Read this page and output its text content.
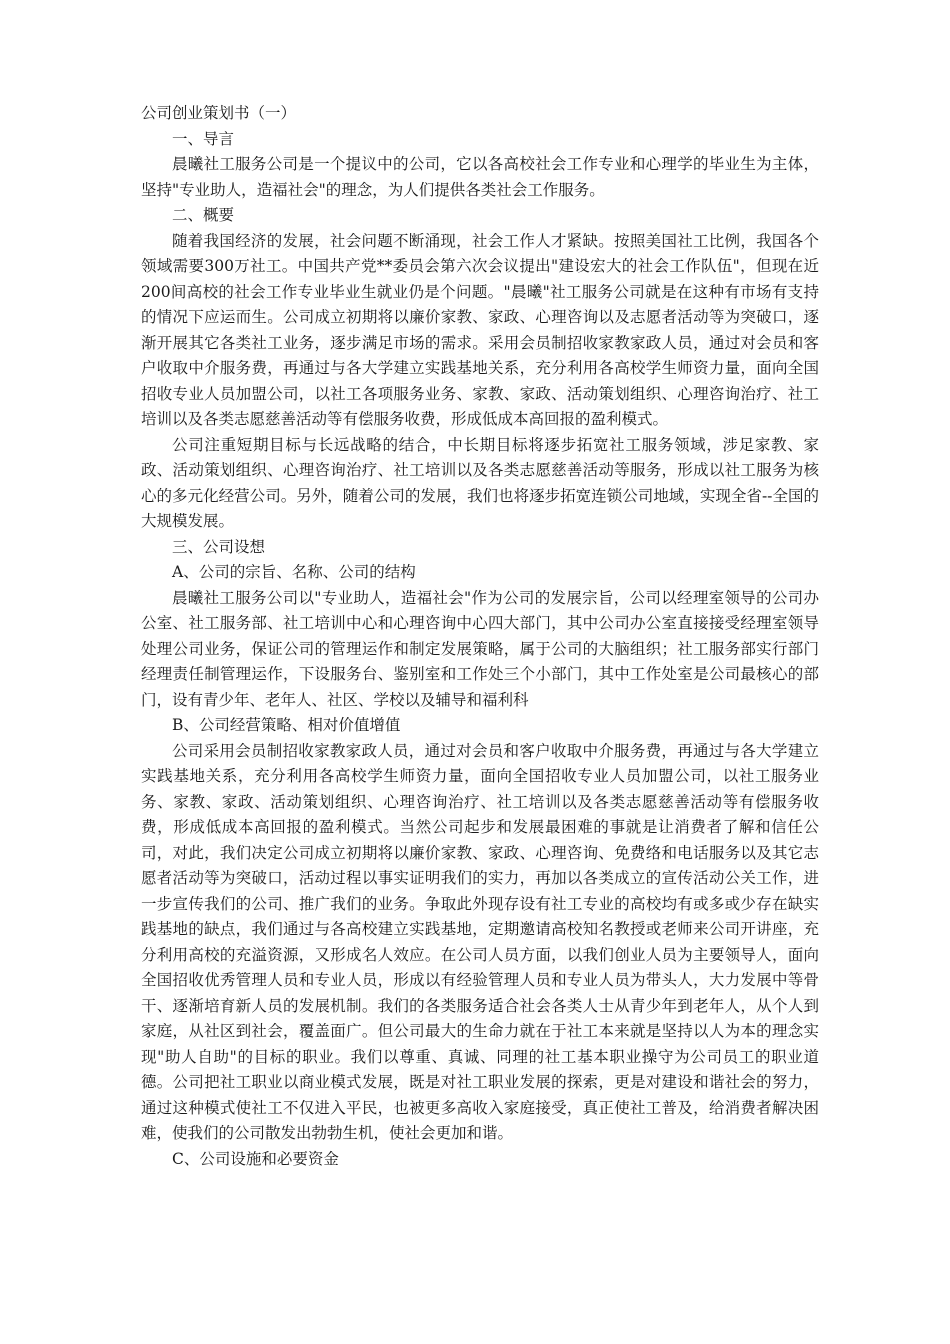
公司创业策划书（一）

一、导言

晨曦社工服务公司是一个提议中的公司，它以各高校社会工作专业和心理学的毕业生为主体，坚持"专业助人，造福社会"的理念，为人们提供各类社会工作服务。

二、概要

随着我国经济的发展，社会问题不断涌现，社会工作人才紧缺。按照美国社工比例，我国各个领域需要300万社工。中国共产党**委员会第六次会议提出"建设宏大的社会工作队伍"，但现在近200间高校的社会工作专业毕业生就业仍是个问题。"晨曦"社工服务公司就是在这种有市场有支持的情况下应运而生。公司成立初期将以廉价家教、家政、心理咨询以及志愿者活动等为突破口，逐渐开展其它各类社工业务，逐步满足市场的需求。采用会员制招收家教家政人员，通过对会员和客户收取中介服务费，再通过与各大学建立实践基地关系，充分利用各高校学生师资力量，面向全国招收专业人员加盟公司，以社工各项服务业务、家教、家政、活动策划组织、心理咨询治疗、社工培训以及各类志愿慈善活动等有偿服务收费，形成低成本高回报的盈利模式。

公司注重短期目标与长远战略的结合，中长期目标将逐步拓宽社工服务领域，涉足家教、家政、活动策划组织、心理咨询治疗、社工培训以及各类志愿慈善活动等服务，形成以社工服务为核心的多元化经营公司。另外，随着公司的发展，我们也将逐步拓宽连锁公司地域，实现全省--全国的大规模发展。

三、公司设想

A、公司的宗旨、名称、公司的结构

晨曦社工服务公司以"专业助人，造福社会"作为公司的发展宗旨，公司以经理室领导的公司办公室、社工服务部、社工培训中心和心理咨询中心四大部门，其中公司办公室直接接受经理室领导处理公司业务，保证公司的管理运作和制定发展策略，属于公司的大脑组织；社工服务部实行部门经理责任制管理运作，下设服务台、鉴别室和工作处三个小部门，其中工作处室是公司最核心的部门，设有青少年、老年人、社区、学校以及辅导和福利科

B、公司经营策略、相对价值增值

公司采用会员制招收家教家政人员，通过对会员和客户收取中介服务费，再通过与各大学建立实践基地关系，充分利用各高校学生师资力量，面向全国招收专业人员加盟公司，以社工服务业务、家教、家政、活动策划组织、心理咨询治疗、社工培训以及各类志愿慈善活动等有偿服务收费，形成低成本高回报的盈利模式。当然公司起步和发展最困难的事就是让消费者了解和信任公司，对此，我们决定公司成立初期将以廉价家教、家政、心理咨询、免费络和电话服务以及其它志愿者活动等为突破口，活动过程以事实证明我们的实力，再加以各类成立的宣传活动公关工作，进一步宣传我们的公司、推广我们的业务。争取此外现存设有社工专业的高校均有或多或少存在缺实践基地的缺点，我们通过与各高校建立实践基地，定期邀请高校知名教授或老师来公司开讲座，充分利用高校的充溢资源，又形成名人效应。在公司人员方面，以我们创业人员为主要领导人，面向全国招收优秀管理人员和专业人员，形成以有经验管理人员和专业人员为带头人，大力发展中等骨干、逐渐培育新人员的发展机制。我们的各类服务适合社会各类人士从青少年到老年人，从个人到家庭，从社区到社会，覆盖面广。但公司最大的生命力就在于社工本来就是坚持以人为本的理念实现"助人自助"的目标的职业。我们以尊重、真诚、同理的社工基本职业操守为公司员工的职业道德。公司把社工职业以商业模式发展，既是对社工职业发展的探索，更是对建设和谐社会的努力，通过这种模式使社工不仅进入平民，也被更多高收入家庭接受，真正使社工普及，给消费者解决困难，使我们的公司散发出勃勃生机，使社会更加和谐。

C、公司设施和必要资金
